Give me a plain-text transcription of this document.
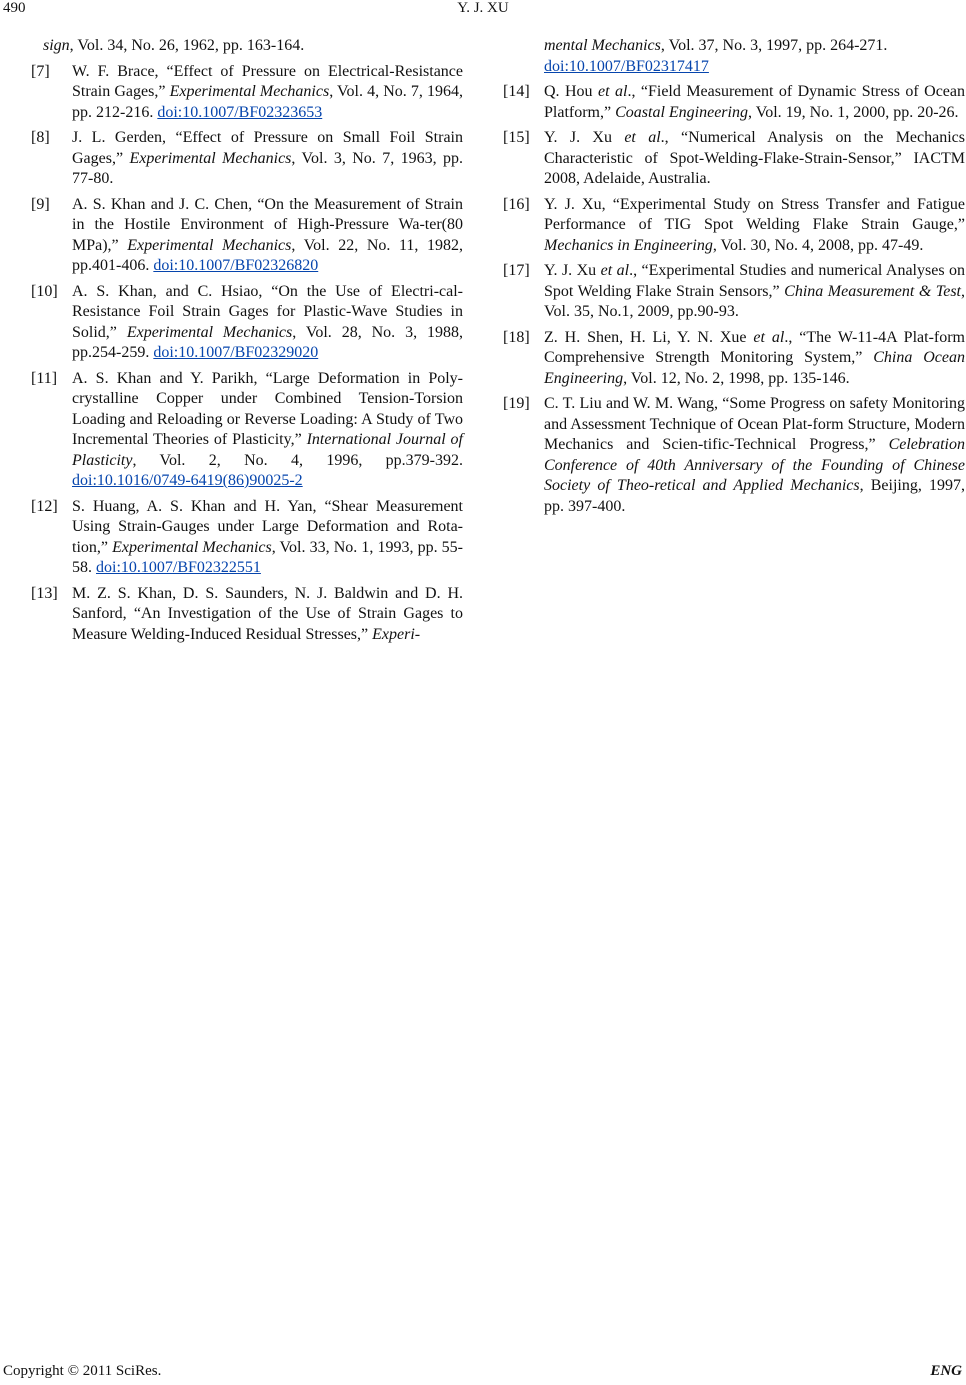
490	Y. J. XU
sign, Vol. 34, No. 26, 1962, pp. 163-164.
[7]	W. F. Brace, “Effect of Pressure on Electrical-Resistance Strain Gages,” Experimental Mechanics, Vol. 4, No. 7, 1964, pp. 212-216. doi:10.1007/BF02323653
[8]	J. L. Gerden, “Effect of Pressure on Small Foil Strain Gages,” Experimental Mechanics, Vol. 3, No. 7, 1963, pp. 77-80.
[9]	A. S. Khan and J. C. Chen, “On the Measurement of Strain in the Hostile Environment of High-Pressure Wa-ter(80 MPa),” Experimental Mechanics, Vol. 22, No. 11, 1982, pp.401-406. doi:10.1007/BF02326820
[10] A. S. Khan, and C. Hsiao, “On the Use of Electri-cal-Resistance Foil Strain Gages for Plastic-Wave Studies in Solid,” Experimental Mechanics, Vol. 28, No. 3, 1988, pp.254-259. doi:10.1007/BF02329020
[11] A. S. Khan and Y. Parikh, “Large Deformation in Poly-crystalline Copper under Combined Tension-Torsion Loading and Reloading or Reverse Loading: A Study of Two Incremental Theories of Plasticity,” International Journal of Plasticity, Vol. 2, No. 4, 1996, pp.379-392. doi:10.1016/0749-6419(86)90025-2
[12] S. Huang, A. S. Khan and H. Yan, “Shear Measurement Using Strain-Gauges under Large Deformation and Rota-tion,” Experimental Mechanics, Vol. 33, No. 1, 1993, pp. 55-58. doi:10.1007/BF02322551
[13] M. Z. S. Khan, D. S. Saunders, N. J. Baldwin and D. H. Sanford, “An Investigation of the Use of Strain Gages to Measure Welding-Induced Residual Stresses,” Experi-
mental Mechanics, Vol. 37, No. 3, 1997, pp. 264-271.
doi:10.1007/BF02317417
[14] Q. Hou et al., “Field Measurement of Dynamic Stress of Ocean Platform,” Coastal Engineering, Vol. 19, No. 1, 2000, pp. 20-26.
[15] Y. J. Xu et al., “Numerical Analysis on the Mechanics Characteristic of Spot-Welding-Flake-Strain-Sensor,” IACTM 2008, Adelaide, Australia.
[16] Y. J. Xu, “Experimental Study on Stress Transfer and Fatigue Performance of TIG Spot Welding Flake Strain Gauge,” Mechanics in Engineering, Vol. 30, No. 4, 2008, pp. 47-49.
[17] Y. J. Xu et al., “Experimental Studies and numerical Analyses on Spot Welding Flake Strain Sensors,” China Measurement & Test, Vol. 35, No.1, 2009, pp.90-93.
[18] Z. H. Shen, H. Li, Y. N. Xue et al., “The W-11-4A Plat-form Comprehensive Strength Monitoring System,” China Ocean Engineering, Vol. 12, No. 2, 1998, pp. 135-146.
[19] C. T. Liu and W. M. Wang, “Some Progress on safety Monitoring and Assessment Technique of Ocean Plat-form Structure, Modern Mechanics and Scien-tific-Technical Progress,” Celebration Conference of 40th Anniversary of the Founding of Chinese Society of Theo-retical and Applied Mechanics, Beijing, 1997, pp. 397-400.
Copyright © 2011 SciRes.	ENG
